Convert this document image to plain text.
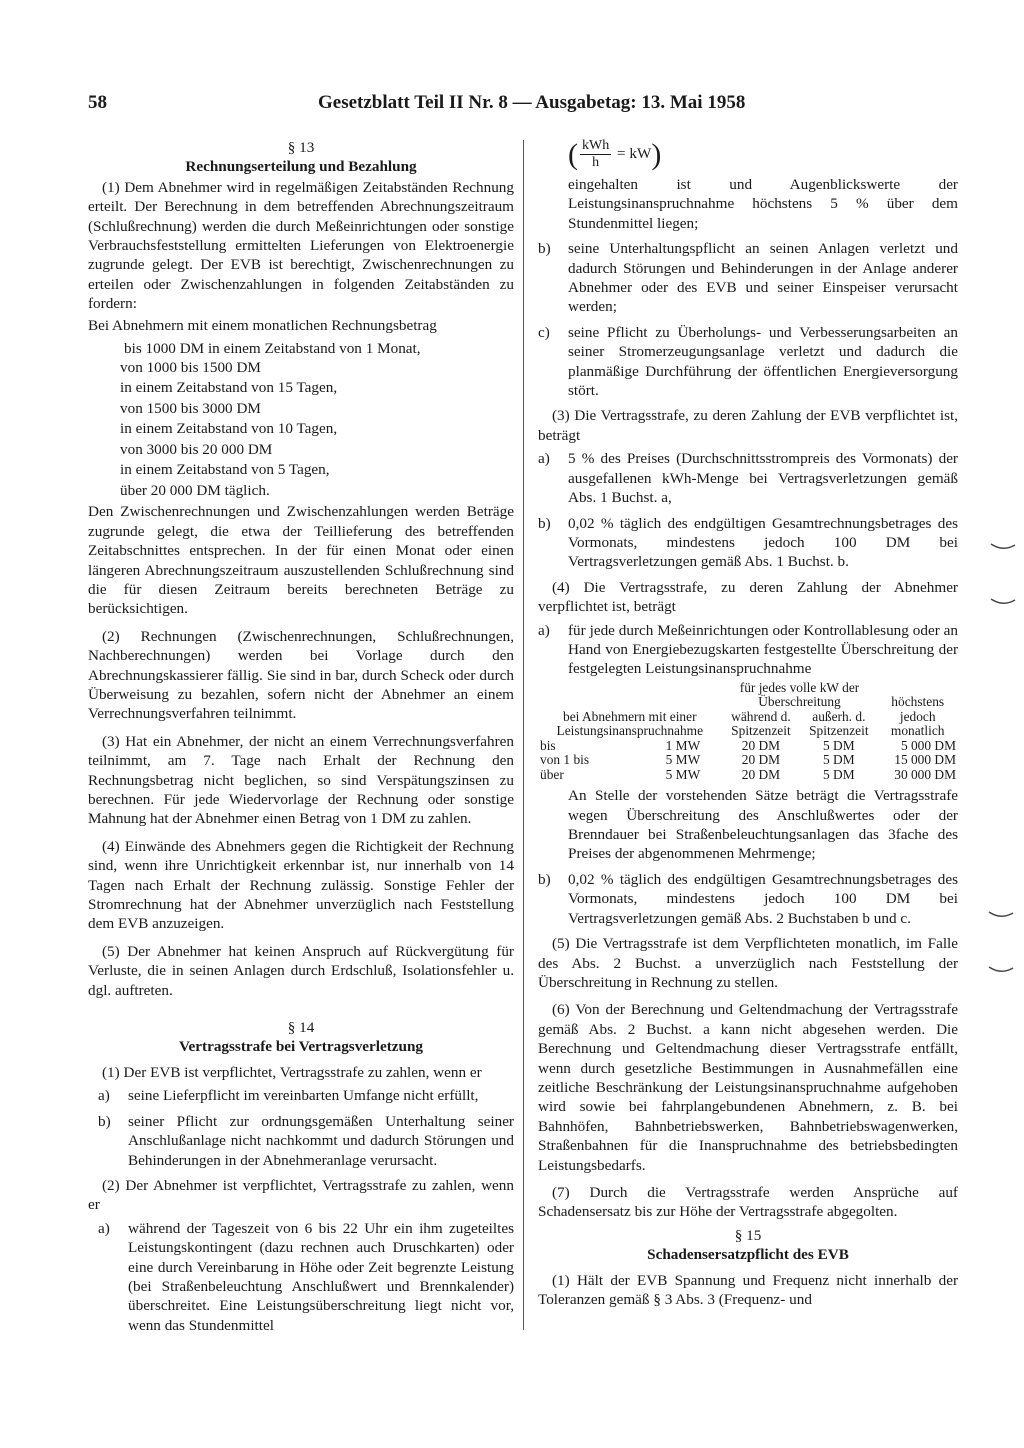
58	Gesetzblatt Teil II Nr. 8 — Ausgabetag: 13. Mai 1958

§ 13

Rechnungserteilung und Bezahlung

(1) Dem Abnehmer wird in regelmäßigen Zeitabständen Rechnung erteilt. Der Berechnung in dem betreffenden Abrechnungszeitraum (Schlußrechnung) werden die durch Meßeinrichtungen oder sonstige Verbrauchsfeststellung ermittelten Lieferungen von Elektroenergie zugrunde gelegt. Der EVB ist berechtigt, Zwischenrechnungen zu erteilen oder Zwischenzahlungen in folgenden Zeitabständen zu fordern:

Bei Abnehmern mit einem monatlichen Rechnungsbetrag

bis 1000 DM in einem Zeitabstand von 1 Monat,

von 1000 bis 1500 DM

in einem Zeitabstand von 15 Tagen,

von 1500 bis 3000 DM

in einem Zeitabstand von 10 Tagen,

von 3000 bis 20 000 DM

in einem Zeitabstand von 5 Tagen,

über 20 000 DM täglich.

Den Zwischenrechnungen und Zwischenzahlungen werden Beträge zugrunde gelegt, die etwa der Teillieferung des betreffenden Zeitabschnittes entsprechen. In der für einen Monat oder einen längeren Abrechnungszeitraum auszustellenden Schlußrechnung sind die für diesen Zeitraum bereits berechneten Beträge zu berücksichtigen.

(2) Rechnungen (Zwischenrechnungen, Schlußrechnungen, Nachberechnungen) werden bei Vorlage durch den Abrechnungskassierer fällig. Sie sind in bar, durch Scheck oder durch Überweisung zu bezahlen, sofern nicht der Abnehmer an einem Verrechnungsverfahren teilnimmt.

(3) Hat ein Abnehmer, der nicht an einem Verrechnungsverfahren teilnimmt, am 7. Tage nach Erhalt der Rechnung den Rechnungsbetrag nicht beglichen, so sind Verspätungszinsen zu berechnen. Für jede Wiedervorlage der Rechnung oder sonstige Mahnung hat der Abnehmer einen Betrag von 1 DM zu zahlen.

(4) Einwände des Abnehmers gegen die Richtigkeit der Rechnung sind, wenn ihre Unrichtigkeit erkennbar ist, nur innerhalb von 14 Tagen nach Erhalt der Rechnung zulässig. Sonstige Fehler der Stromrechnung hat der Abnehmer unverzüglich nach Feststellung dem EVB anzuzeigen.

(5) Der Abnehmer hat keinen Anspruch auf Rückvergütung für Verluste, die in seinen Anlagen durch Erdschluß, Isolationsfehler u. dgl. auftreten.

§ 14

Vertragsstrafe bei Vertragsverletzung

(1) Der EVB ist verpflichtet, Vertragsstrafe zu zahlen, wenn er

a)	seine Lieferpflicht im vereinbarten Umfange nicht erfüllt,
b)	seiner Pflicht zur ordnungsgemäßen Unterhaltung seiner Anschlußanlage nicht nachkommt und dadurch Störungen und Behinderungen in der Abnehmeranlage verursacht.

(2) Der Abnehmer ist verpflichtet, Vertragsstrafe zu zahlen, wenn er

a)	während der Tageszeit von 6 bis 22 Uhr ein ihm zugeteiltes Leistungskontingent (dazu rechnen auch Druschkarten) oder eine durch Vereinbarung in Höhe oder Zeit begrenzte Leistung (bei Straßenbeleuchtung Anschlußwert und Brennkalender) überschreitet. Eine Leistungsüberschreitung liegt nicht vor, wenn das Stundenmittel
( $\frac{\text{kWh}}{h} = kW$)
eingehalten ist und Augenblickswerte der Leistungsinanspruchnahme höchstens 5 % über dem Stundenmittel liegen;
b)	seine Unterhaltungspflicht an seinen Anlagen verletzt und dadurch Störungen und Behinderungen in der Anlage anderer Abnehmer oder des EVB und seiner Einspeiser verursacht werden;
c)	seine Pflicht zu Überholungs- und Verbesserungsarbeiten an seiner Stromerzeugungsanlage verletzt und dadurch die planmäßige Durchführung der öffentlichen Energieversorgung stört.

(3) Die Vertragsstrafe, zu deren Zahlung der EVB verpflichtet ist, beträgt

a)	5 % des Preises (Durchschnittsstrompreis des Vormonats) der ausgefallenen kWh-Menge bei Vertragsverletzungen gemäß Abs. 1 Buchst. a,
b)	0,02 % täglich des endgültigen Gesamtrechnungsbetrages des Vormonats, mindestens jedoch 100 DM bei Vertragsverletzungen gemäß Abs. 1 Buchst. b.

(4) Die Vertragsstrafe, zu deren Zahlung der Abnehmer verpflichtet ist, beträgt

a)	für jede durch Meßeinrichtungen oder Kontrollablesung oder an Hand von Energiebezugskarten festgestellte Überschreitung der festgelegten Leistungsinanspruchnahme
bei Abnehmern mit einer Leistungsinanspruchnahme		für jedes volle kW der Überschreitung		höchstens jedoch monatlich
		während d. Spitzenzeit	außerh. d. Spitzenzeit	
bis	1 MW	20 DM	5 DM	5 000 DM
von 1 bis	5 MW	20 DM	5 DM	15 000 DM
über	5 MW	20 DM	5 DM	30 000 DM
An Stelle der vorstehenden Sätze beträgt die Vertragsstrafe wegen Überschreitung des Anschlußwertes oder der Brenndauer bei Straßenbeleuchtungsanlagen das 3fache des Preises der abgenommenen Mehrmenge;
b)	0,02 % täglich des endgültigen Gesamtrechnungsbetrages des Vormonats, mindestens jedoch 100 DM bei Vertragsverletzungen gemäß Abs. 2 Buchstaben b und c.

(5) Die Vertragsstrafe ist dem Verpflichteten monatlich, im Falle des Abs. 2 Buchst. a unverzüglich nach Feststellung der Überschreitung in Rechnung zu stellen.

(6) Von der Berechnung und Geltendmachung der Vertragsstrafe gemäß Abs. 2 Buchst. a kann nicht abgesehen werden. Die Berechnung und Geltendmachung dieser Vertragsstrafe entfällt, wenn durch gesetzliche Bestimmungen in Ausnahmefällen eine zeitliche Beschränkung der Leistungsinanspruchnahme aufgehoben wird sowie bei fahrplangebundenen Abnehmern, z. B. bei Bahnhöfen, Bahnbetriebswerken, Bahnbetriebswagenwerken, Straßenbahnen für die Inanspruchnahme des betriebsbedingten Leistungsbedarfs.

(7) Durch die Vertragsstrafe werden Ansprüche auf Schadensersatz bis zur Höhe der Vertragsstrafe abgegolten.

§ 15

Schadensersatzpflicht des EVB

(1) Hält der EVB Spannung und Frequenz nicht innerhalb der Toleranzen gemäß § 3 Abs. 3 (Frequenz- und
